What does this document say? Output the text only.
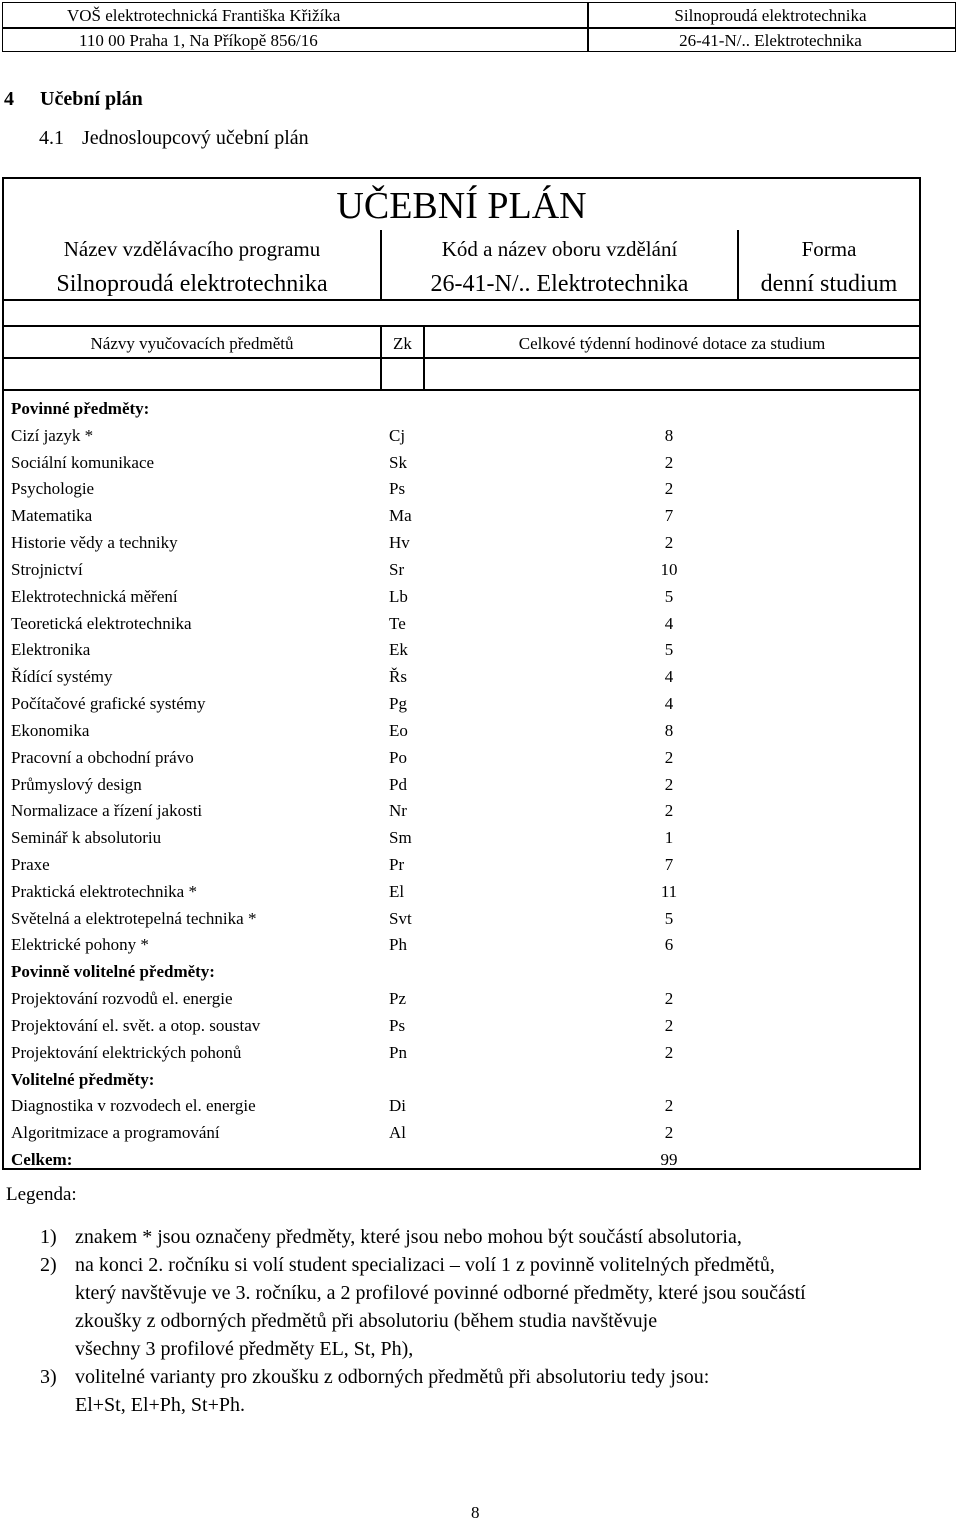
VOŠ elektrotechnická Františka Křižíka
110 00 Praha 1, Na Příkopě 856/16
Silnoproudá elektrotechnika
26-41-N/.. Elektrotechnika
4 Učební plán
4.1 Jednosloupcový učební plán
UČEBNÍ PLÁN
Název vzdělávacího programu	Kód a název oboru vzdělání	Forma
Silnoproudá elektrotechnika	26-41-N/.. Elektrotechnika	denní studium
Názvy vyučovacích předmětů	Zk	Celkové týdenní hodinové dotace za studium
Povinné předměty:
Cizí jazyk *	Cj	8
Sociální komunikace	Sk	2
Psychologie	Ps	2
Matematika	Ma	7
Historie vědy a techniky	Hv	2
Strojnictví	Sr	10
Elektrotechnická měření	Lb	5
Teoretická elektrotechnika	Te	4
Elektronika	Ek	5
Řídící systémy	Řs	4
Počítačové grafické systémy	Pg	4
Ekonomika	Eo	8
Pracovní a obchodní právo	Po	2
Průmyslový design	Pd	2
Normalizace a řízení jakosti	Nr	2
Seminář k absolutoriu	Sm	1
Praxe	Pr	7
Praktická elektrotechnika *	El	11
Světelná a elektrotepelná technika *	Svt	5
Elektrické pohony *	Ph	6
Povinně volitelné předměty:
Projektování rozvodů el. energie	Pz	2
Projektování el. svět. a otop. soustav	Ps	2
Projektování elektrických pohonů	Pn	2
Volitelné předměty:
Diagnostika v rozvodech el. energie	Di	2
Algoritmizace a programování	Al	2
Celkem:	99
Legenda:
1) znakem * jsou označeny předměty, které jsou nebo mohou být součástí absolutoria,
2) na konci 2. ročníku si volí student specializaci – volí 1 z povinně volitelných předmětů,
který navštěvuje ve 3. ročníku, a 2 profilové povinné odborné předměty, které jsou součástí
zkoušky z odborných předmětů při absolutoriu (během studia navštěvuje
všechny 3 profilové předměty EL, St, Ph),
3) volitelné varianty pro zkoušku z odborných předmětů při absolutoriu tedy jsou:
El+St, El+Ph, St+Ph.
8
